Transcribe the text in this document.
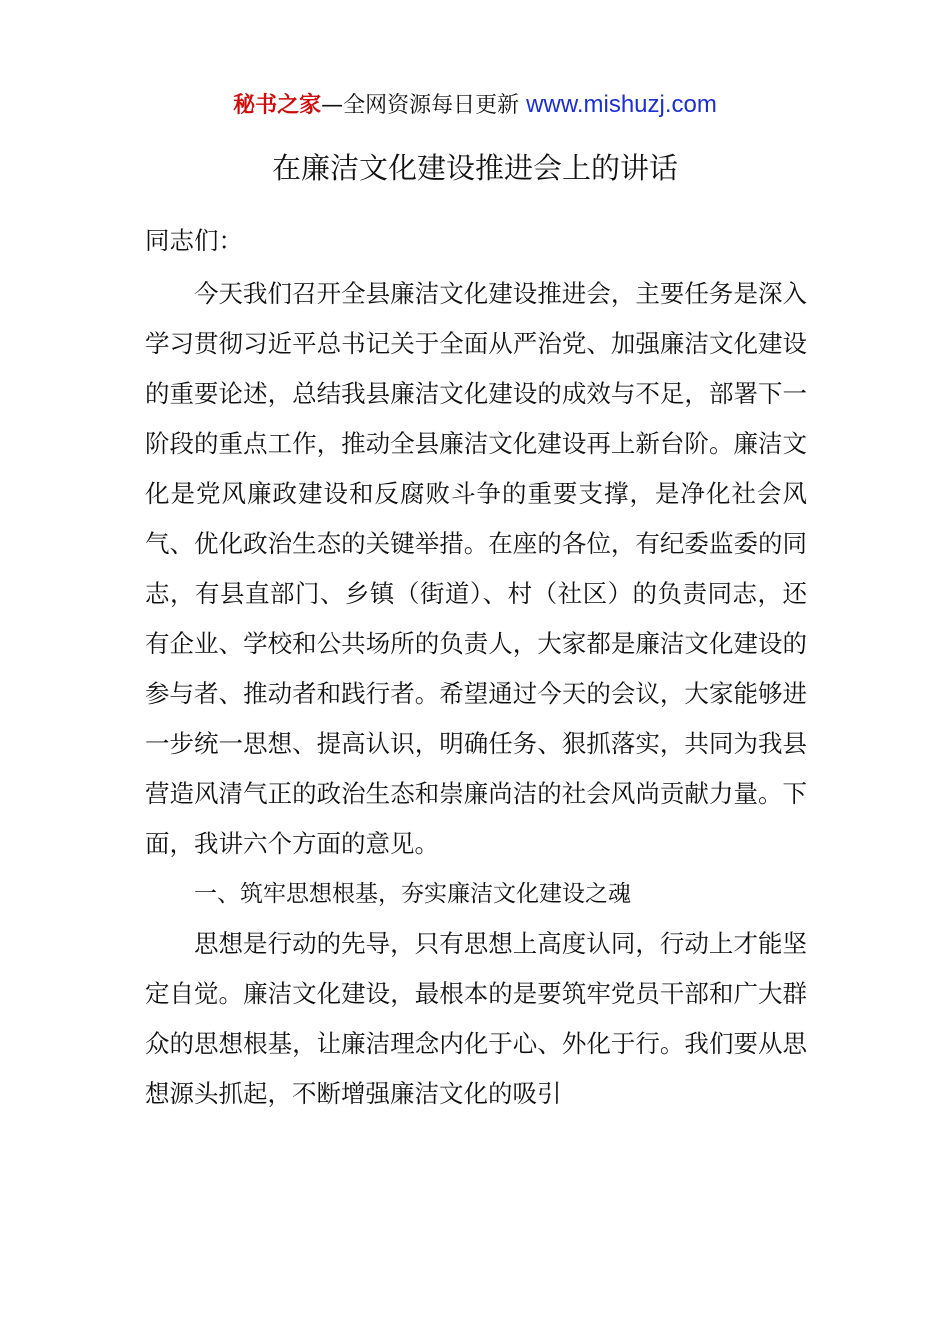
秘书之家—全网资源每日更新 www.mishuzj.com
在廉洁文化建设推进会上的讲话

同志们：

今天我们召开全县廉洁文化建设推进会，主要任务是深入学习贯彻习近平总书记关于全面从严治党、加强廉洁文化建设的重要论述，总结我县廉洁文化建设的成效与不足，部署下一阶段的重点工作，推动全县廉洁文化建设再上新台阶。廉洁文化是党风廉政建设和反腐败斗争的重要支撑，是净化社会风气、优化政治生态的关键举措。在座的各位，有纪委监委的同志，有县直部门、乡镇（街道）、村（社区）的负责同志，还有企业、学校和公共场所的负责人，大家都是廉洁文化建设的参与者、推动者和践行者。希望通过今天的会议，大家能够进一步统一思想、提高认识，明确任务、狠抓落实，共同为我县营造风清气正的政治生态和崇廉尚洁的社会风尚贡献力量。下面，我讲六个方面的意见。

一、筑牢思想根基，夯实廉洁文化建设之魂

思想是行动的先导，只有思想上高度认同，行动上才能坚定自觉。廉洁文化建设，最根本的是要筑牢党员干部和广大群众的思想根基，让廉洁理念内化于心、外化于行。我们要从思想源头抓起，不断增强廉洁文化的吸引
